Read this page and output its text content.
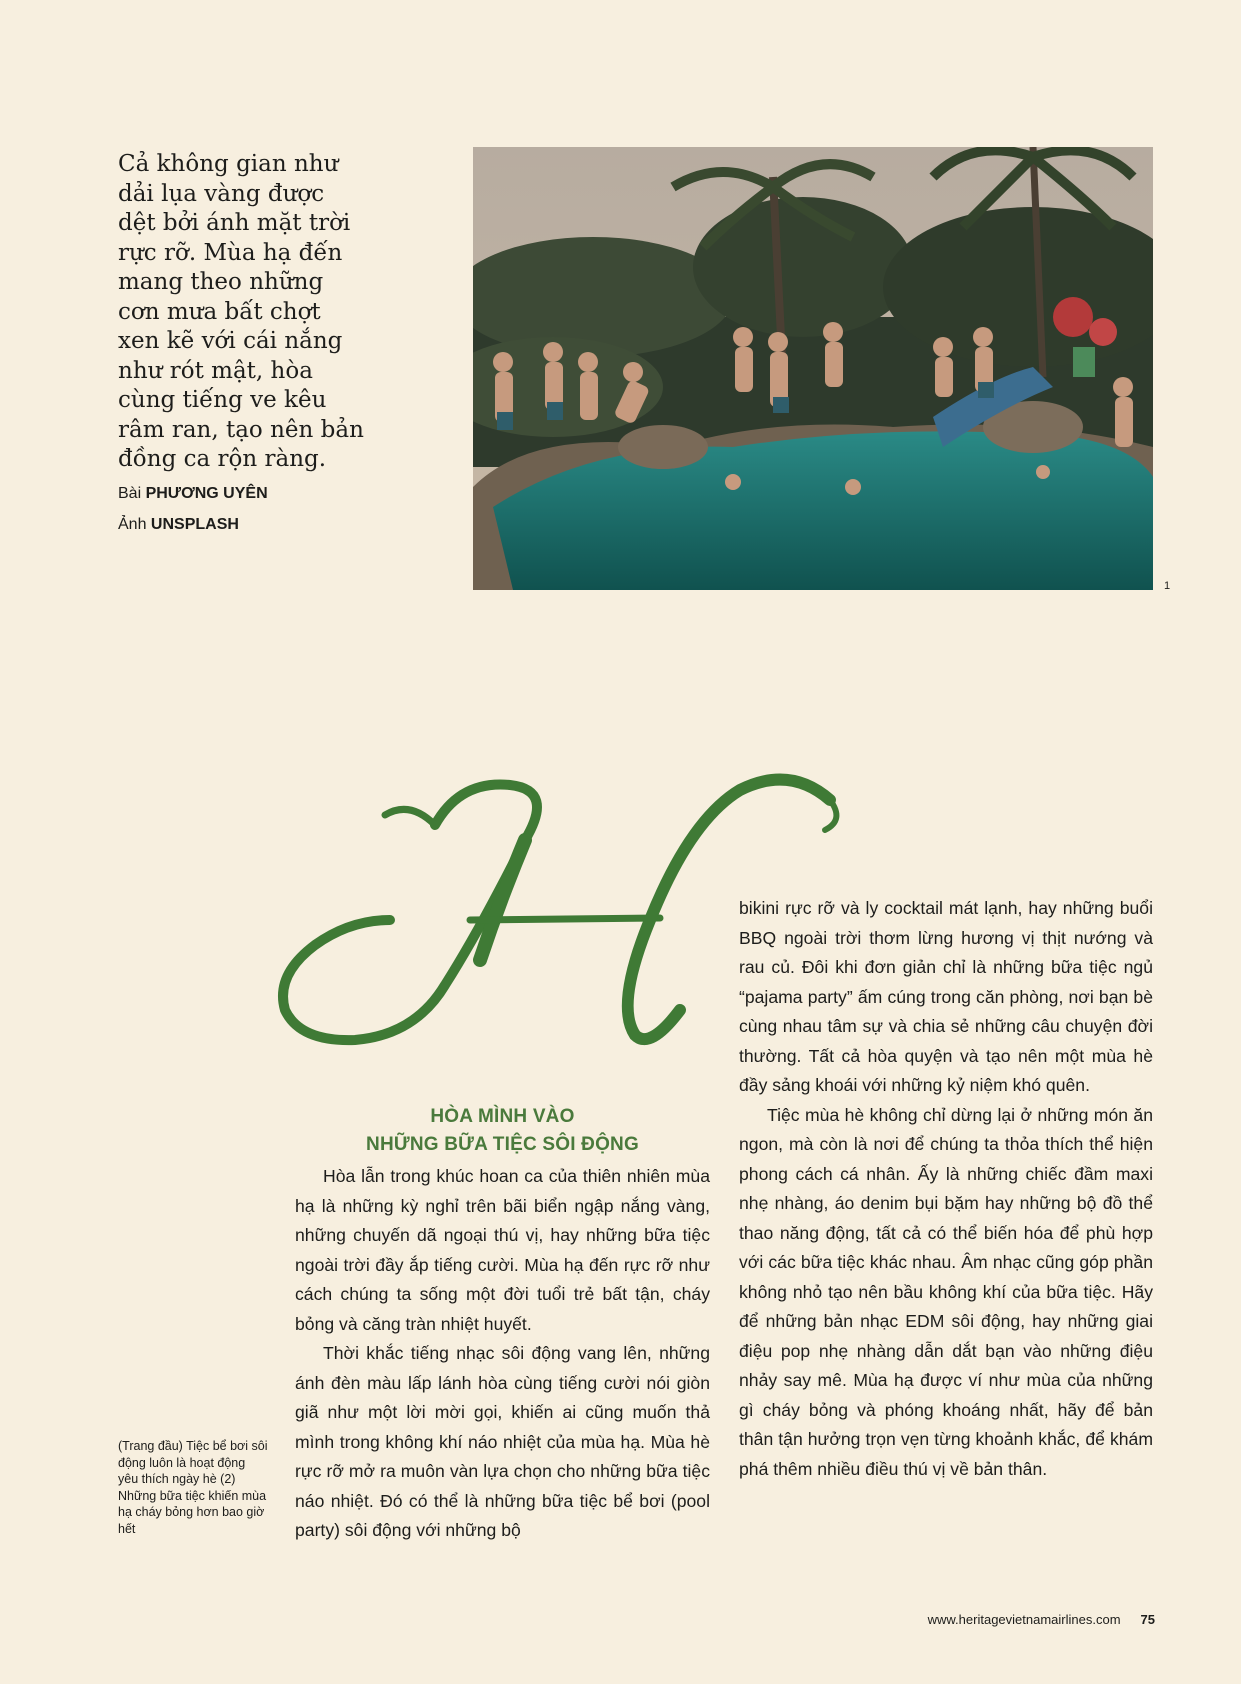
Cả không gian như dải lụa vàng được dệt bởi ánh mặt trời rực rỡ. Mùa hạ đến mang theo những cơn mưa bất chợt xen kẽ với cái nắng như rót mật, hòa cùng tiếng ve kêu râm ran, tạo nên bản đồng ca rộn ràng.

Bài PHƯƠNG UYÊN
Ảnh UNSPLASH
1
HÒA MÌNH VÀO
NHỮNG BỮA TIỆC SÔI ĐỘNG

Hòa lẫn trong khúc hoan ca của thiên nhiên mùa hạ là những kỳ nghỉ trên bãi biển ngập nắng vàng, những chuyến dã ngoại thú vị, hay những bữa tiệc ngoài trời đầy ắp tiếng cười. Mùa hạ đến rực rỡ như cách chúng ta sống một đời tuổi trẻ bất tận, cháy bỏng và căng tràn nhiệt huyết.

Thời khắc tiếng nhạc sôi động vang lên, những ánh đèn màu lấp lánh hòa cùng tiếng cười nói giòn giã như một lời mời gọi, khiến ai cũng muốn thả mình trong không khí náo nhiệt của mùa hạ. Mùa hè rực rỡ mở ra muôn vàn lựa chọn cho những bữa tiệc náo nhiệt. Đó có thể là những bữa tiệc bể bơi (pool party) sôi động với những bộ

bikini rực rỡ và ly cocktail mát lạnh, hay những buổi BBQ ngoài trời thơm lừng hương vị thịt nướng và rau củ. Đôi khi đơn giản chỉ là những bữa tiệc ngủ “pajama party” ấm cúng trong căn phòng, nơi bạn bè cùng nhau tâm sự và chia sẻ những câu chuyện đời thường. Tất cả hòa quyện và tạo nên một mùa hè đầy sảng khoái với những kỷ niệm khó quên.

Tiệc mùa hè không chỉ dừng lại ở những món ăn ngon, mà còn là nơi để chúng ta thỏa thích thể hiện phong cách cá nhân. Ấy là những chiếc đầm maxi nhẹ nhàng, áo denim bụi bặm hay những bộ đồ thể thao năng động, tất cả có thể biến hóa để phù hợp với các bữa tiệc khác nhau. Âm nhạc cũng góp phần không nhỏ tạo nên bầu không khí của bữa tiệc. Hãy để những bản nhạc EDM sôi động, hay những giai điệu pop nhẹ nhàng dẫn dắt bạn vào những điệu nhảy say mê. Mùa hạ được ví như mùa của những gì cháy bỏng và phóng khoáng nhất, hãy để bản thân tận hưởng trọn vẹn từng khoảnh khắc, để khám phá thêm nhiều điều thú vị về bản thân.

(Trang đầu) Tiệc bể bơi sôi động luôn là hoạt động yêu thích ngày hè (2) Những bữa tiệc khiến mùa hạ cháy bỏng hơn bao giờ hết
www.heritagevietnamairlines.com 75
